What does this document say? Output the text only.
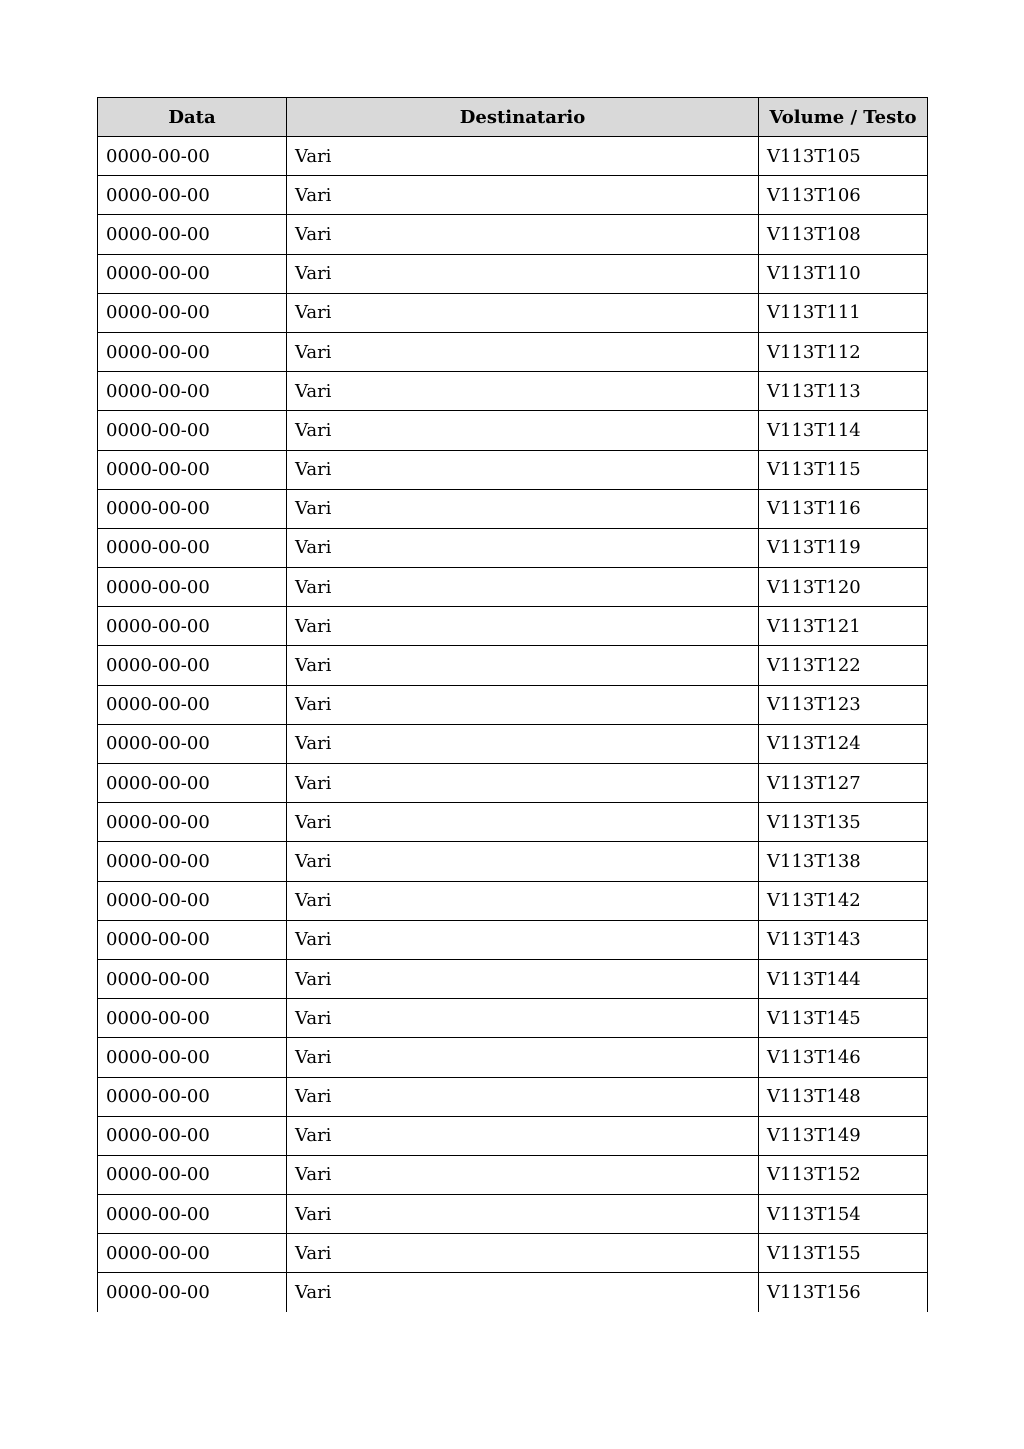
Data	Destinatario	Volume / Testo
0000-00-00	Vari	V113T105
0000-00-00	Vari	V113T106
0000-00-00	Vari	V113T108
0000-00-00	Vari	V113T110
0000-00-00	Vari	V113T111
0000-00-00	Vari	V113T112
0000-00-00	Vari	V113T113
0000-00-00	Vari	V113T114
0000-00-00	Vari	V113T115
0000-00-00	Vari	V113T116
0000-00-00	Vari	V113T119
0000-00-00	Vari	V113T120
0000-00-00	Vari	V113T121
0000-00-00	Vari	V113T122
0000-00-00	Vari	V113T123
0000-00-00	Vari	V113T124
0000-00-00	Vari	V113T127
0000-00-00	Vari	V113T135
0000-00-00	Vari	V113T138
0000-00-00	Vari	V113T142
0000-00-00	Vari	V113T143
0000-00-00	Vari	V113T144
0000-00-00	Vari	V113T145
0000-00-00	Vari	V113T146
0000-00-00	Vari	V113T148
0000-00-00	Vari	V113T149
0000-00-00	Vari	V113T152
0000-00-00	Vari	V113T154
0000-00-00	Vari	V113T155
0000-00-00	Vari	V113T156
